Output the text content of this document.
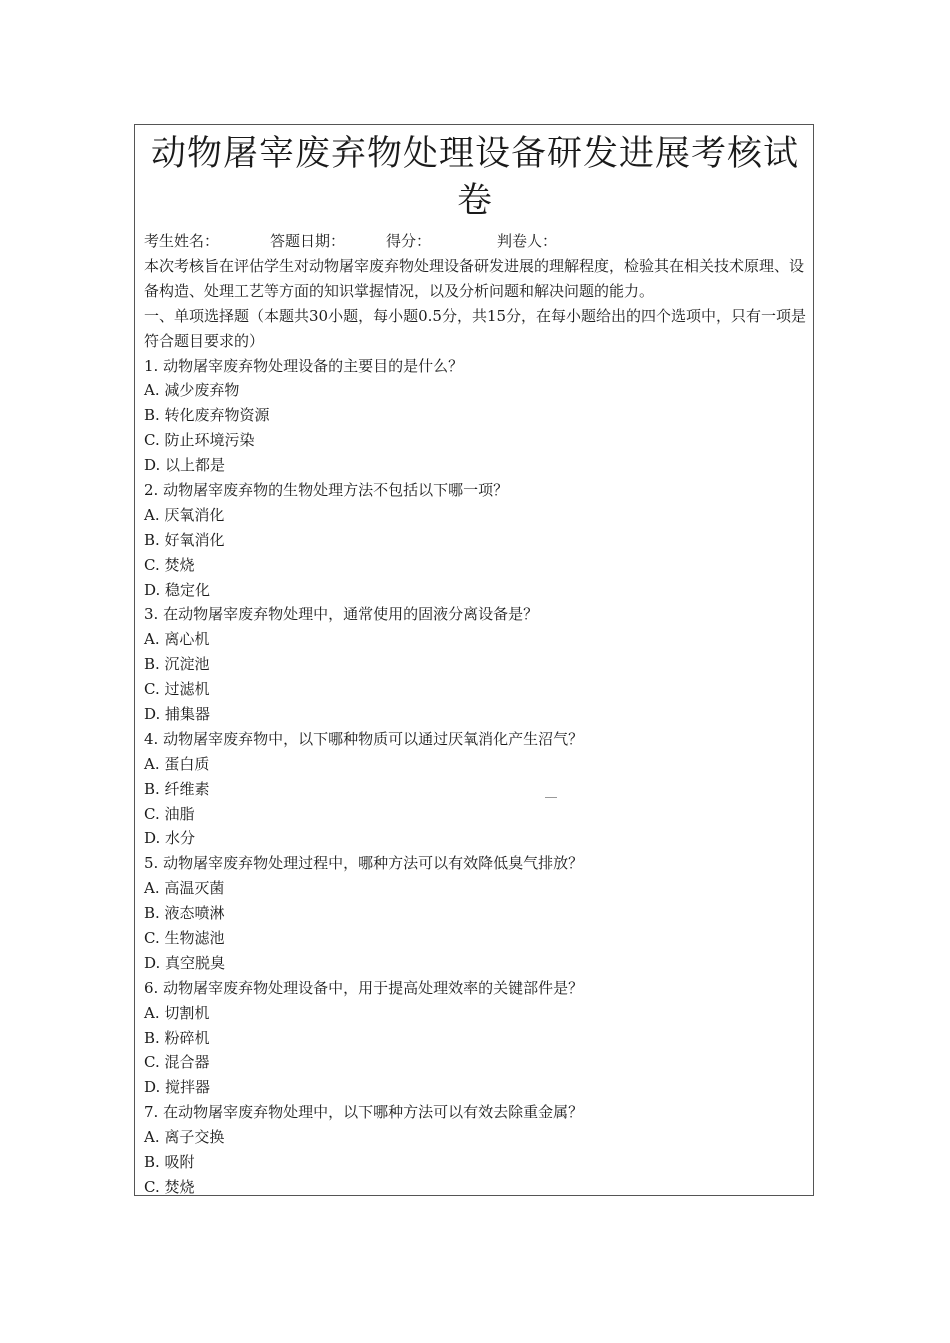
动物屠宰废弃物处理设备研发进展考核试卷
考生姓名：	答题日期：	得分：	判卷人：
本次考核旨在评估学生对动物屠宰废弃物处理设备研发进展的理解程度，检验其在相关技术原理、设备构造、处理工艺等方面的知识掌握情况，以及分析问题和解决问题的能力。
一、单项选择题（本题共30小题，每小题0.5分，共15分，在每小题给出的四个选项中，只有一项是符合题目要求的）
1. 动物屠宰废弃物处理设备的主要目的是什么？
A. 减少废弃物
B. 转化废弃物资源
C. 防止环境污染
D. 以上都是
2. 动物屠宰废弃物的生物处理方法不包括以下哪一项？
A. 厌氧消化
B. 好氧消化
C. 焚烧
D. 稳定化
3. 在动物屠宰废弃物处理中，通常使用的固液分离设备是？
A. 离心机
B. 沉淀池
C. 过滤机
D. 捕集器
4. 动物屠宰废弃物中，以下哪种物质可以通过厌氧消化产生沼气？
A. 蛋白质
B. 纤维素
C. 油脂
D. 水分
5. 动物屠宰废弃物处理过程中，哪种方法可以有效降低臭气排放？
A. 高温灭菌
B. 液态喷淋
C. 生物滤池
D. 真空脱臭
6. 动物屠宰废弃物处理设备中，用于提高处理效率的关键部件是？
A. 切割机
B. 粉碎机
C. 混合器
D. 搅拌器
7. 在动物屠宰废弃物处理中，以下哪种方法可以有效去除重金属？
A. 离子交换
B. 吸附
C. 焚烧
